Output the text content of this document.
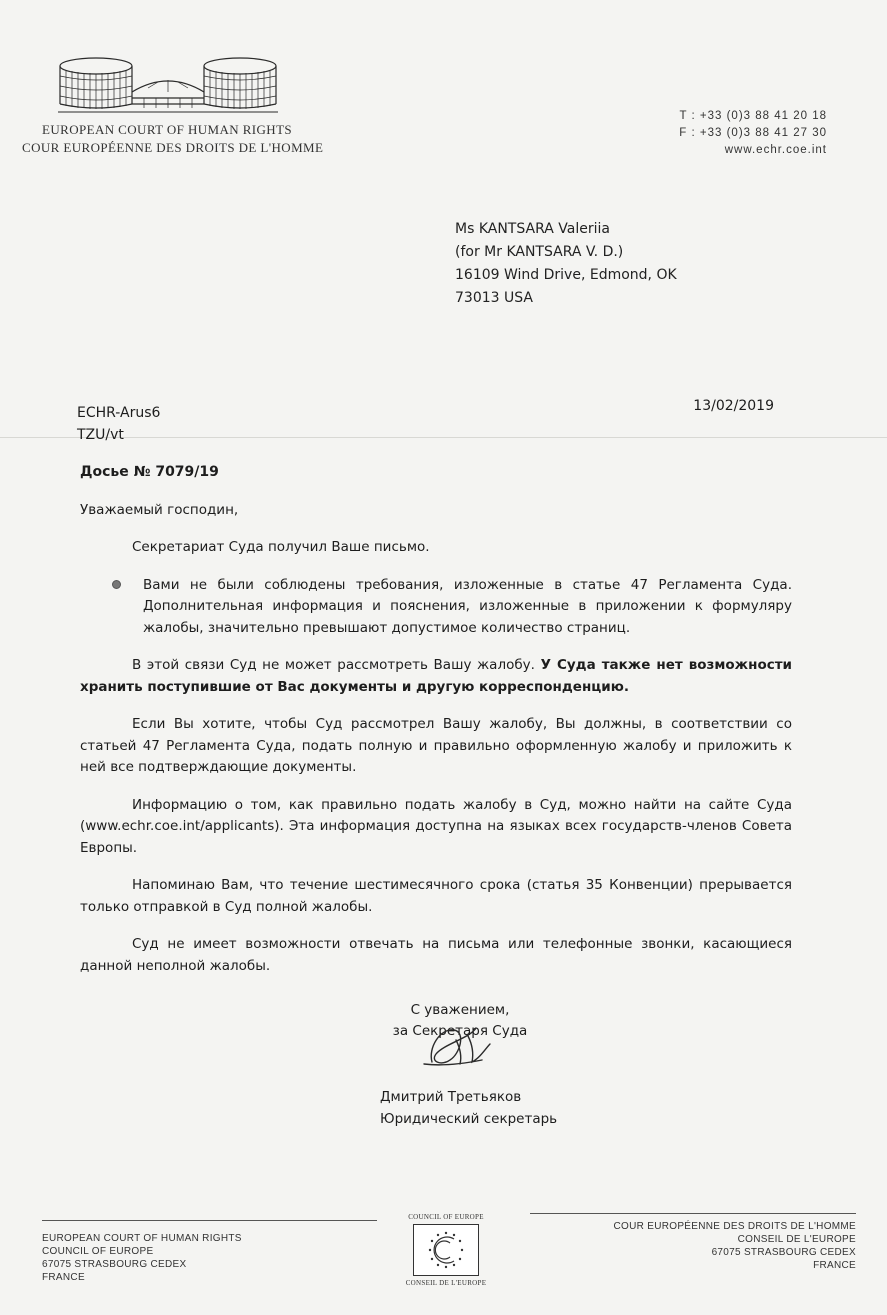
EUROPEAN COURT OF HUMAN RIGHTS
COUR EUROPÉENNE DES DROITS DE L'HOMME
T : +33 (0)3 88 41 20 18
F : +33 (0)3 88 41 27 30
www.echr.coe.int
Ms KANTSARA Valeriia
(for Mr KANTSARA V. D.)
16109 Wind Drive, Edmond, OK
73013 USA
ECHR-Arus6
TZU/vt
13/02/2019

Досье № 7079/19

Уважаемый господин,

Секретариат Суда получил Ваше письмо.

Вами не были соблюдены требования, изложенные в статье 47 Регламента Суда. Дополнительная информация и пояснения, изложенные в приложении к формуляру жалобы, значительно превышают допустимое количество страниц.

В этой связи Суд не может рассмотреть Вашу жалобу. У Суда также нет возможности хранить поступившие от Вас документы и другую корреспонденцию.

Если Вы хотите, чтобы Суд рассмотрел Вашу жалобу, Вы должны, в соответствии со статьей 47 Регламента Суда, подать полную и правильно оформленную жалобу и приложить к ней все подтверждающие документы.

Информацию о том, как правильно подать жалобу в Суд, можно найти на сайте Суда (www.echr.coe.int/applicants). Эта информация доступна на языках всех государств-членов Совета Европы.

Напоминаю Вам, что течение шестимесячного срока (статья 35 Конвенции) прерывается только отправкой в Суд полной жалобы.

Суд не имеет возможности отвечать на письма или телефонные звонки, касающиеся данной неполной жалобы.

С уважением,
за Секретаря Суда
Дмитрий Третьяков
Юридический секретарь
EUROPEAN COURT OF HUMAN RIGHTS
COUNCIL OF EUROPE
67075 STRASBOURG CEDEX
FRANCE
COUNCIL OF EUROPE
CONSEIL DE L'EUROPE
COUR EUROPÉENNE DES DROITS DE L'HOMME
CONSEIL DE L'EUROPE
67075 STRASBOURG CEDEX
FRANCE
